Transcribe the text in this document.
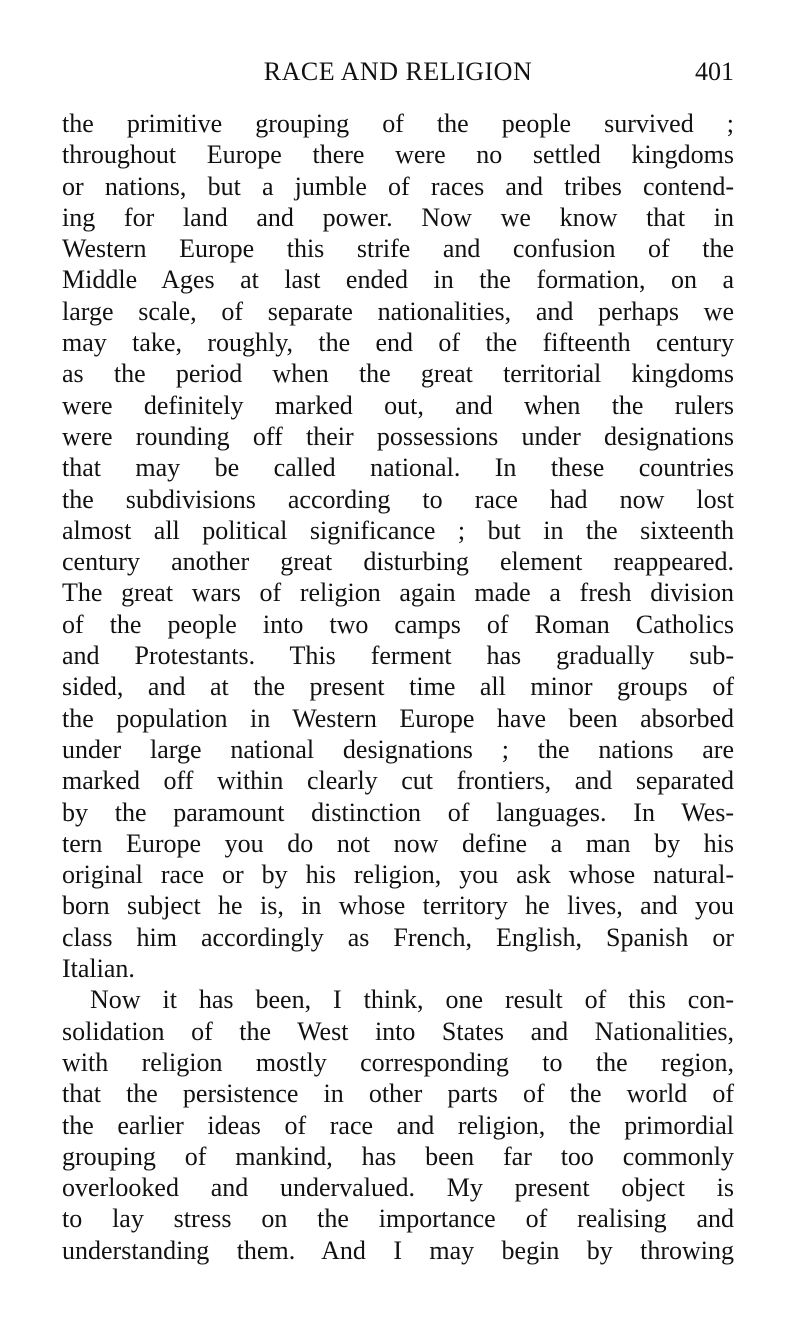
RACE AND RELIGION	401
the primitive grouping of the people survived ;
throughout Europe there were no settled kingdoms
or nations, but a jumble of races and tribes contend-
ing for land and power. Now we know that in
Western Europe this strife and confusion of the
Middle Ages at last ended in the formation, on a
large scale, of separate nationalities, and perhaps we
may take, roughly, the end of the fifteenth century
as the period when the great territorial kingdoms
were definitely marked out, and when the rulers
were rounding off their possessions under designations
that may be called national. In these countries
the subdivisions according to race had now lost
almost all political significance ; but in the sixteenth
century another great disturbing element reappeared.
The great wars of religion again made a fresh division
of the people into two camps of Roman Catholics
and Protestants. This ferment has gradually sub-
sided, and at the present time all minor groups of
the population in Western Europe have been absorbed
under large national designations ; the nations are
marked off within clearly cut frontiers, and separated
by the paramount distinction of languages. In Wes-
tern Europe you do not now define a man by his
original race or by his religion, you ask whose natural-
born subject he is, in whose territory he lives, and you
class him accordingly as French, English, Spanish or
Italian.
Now it has been, I think, one result of this con-
solidation of the West into States and Nationalities,
with religion mostly corresponding to the region,
that the persistence in other parts of the world of
the earlier ideas of race and religion, the primordial
grouping of mankind, has been far too commonly
overlooked and undervalued. My present object is
to lay stress on the importance of realising and
understanding them. And I may begin by throwing
